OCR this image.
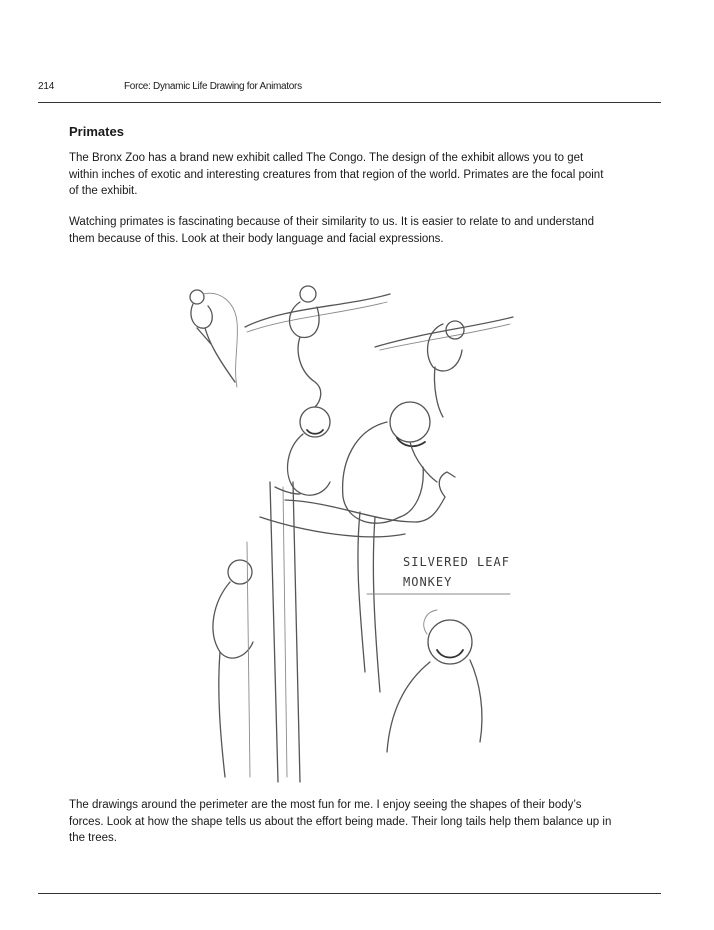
214	Force: Dynamic Life Drawing for Animators
Primates
The Bronx Zoo has a brand new exhibit called The Congo. The design of the exhibit allows you to get within inches of exotic and interesting creatures from that region of the world. Primates are the focal point of the exhibit.
Watching primates is fascinating because of their similarity to us. It is easier to relate to and understand them because of this. Look at their body language and facial expressions.
SILVERED LEAF
MONKEY
The drawings around the perimeter are the most fun for me. I enjoy seeing the shapes of their body’s forces. Look at how the shape tells us about the effort being made. Their long tails help them balance up in the trees.
